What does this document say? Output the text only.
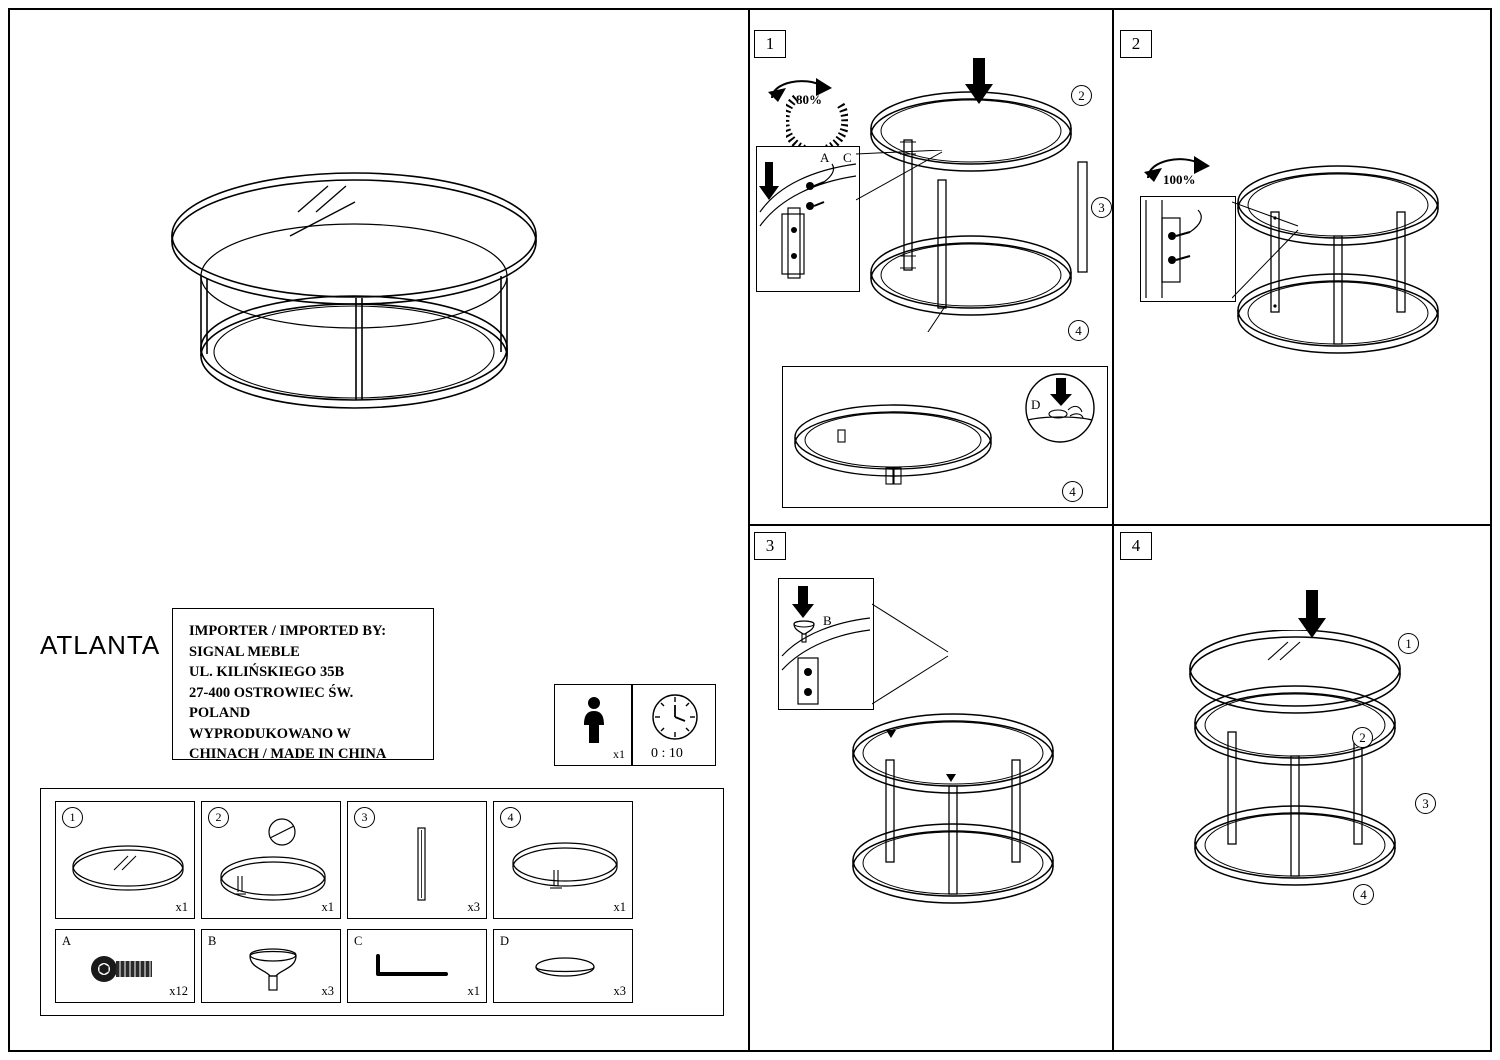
ATLANTA IMPORTER / IMPORTED BY:
SIGNAL MEBLE
UL. KILIŃSKIEGO 35B
27-400 OSTROWIEC ŚW.
POLAND
WYPRODUKOWANO W
CHINACH / MADE IN CHINA	x1 0 : 10
1
x1
2
x1
3
x3
4
x1
A
x12
B
x3
C
x1
D
x3
1
80%
A C
2
3
4
D
4
2
100%
3
B
4
1
2
3
4
